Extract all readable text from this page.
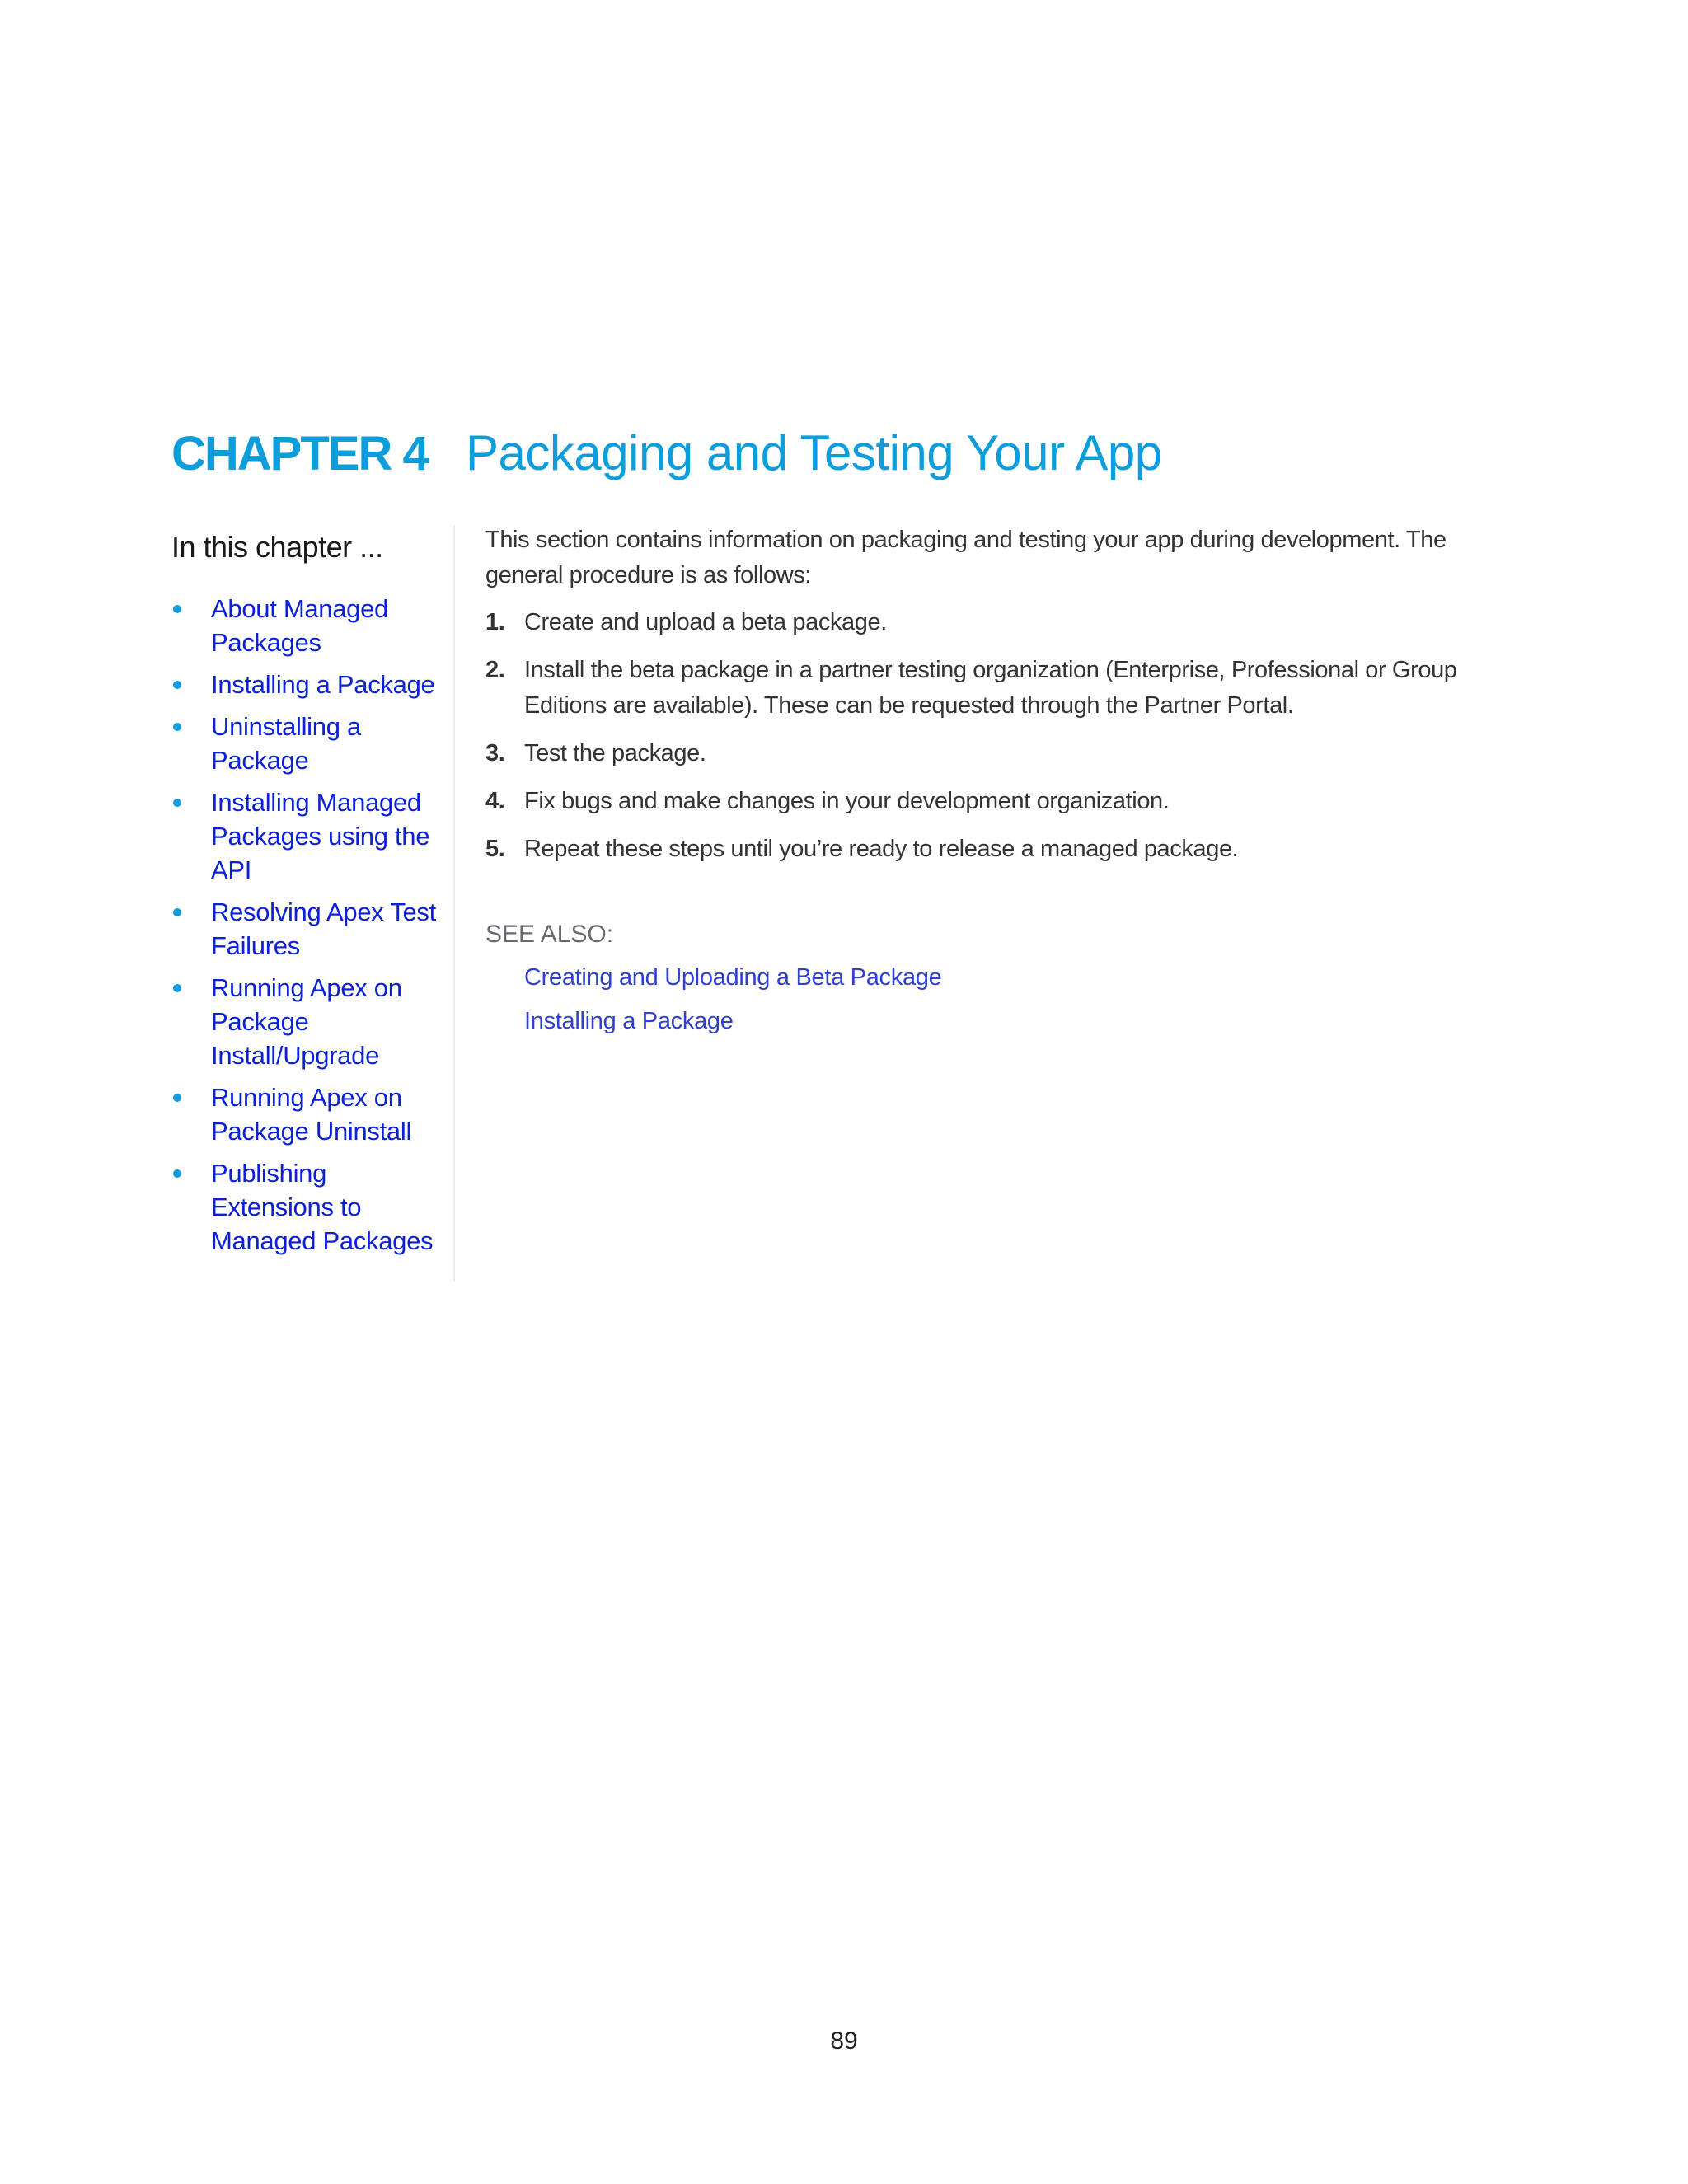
CHAPTER 4 Packaging and Testing Your App
In this chapter ...
About Managed Packages
Installing a Package
Uninstalling a Package
Installing Managed Packages using the API
Resolving Apex Test Failures
Running Apex on Package Install/Upgrade
Running Apex on Package Uninstall
Publishing Extensions to Managed Packages

This section contains information on packaging and testing your app during development. The general procedure is as follows:

1. Create and upload a beta package.
2. Install the beta package in a partner testing organization (Enterprise, Professional or Group Editions are available). These can be requested through the Partner Portal.
3. Test the package.
4. Fix bugs and make changes in your development organization.
5. Repeat these steps until you’re ready to release a managed package.
SEE ALSO:
Creating and Uploading a Beta Package
Installing a Package
89
